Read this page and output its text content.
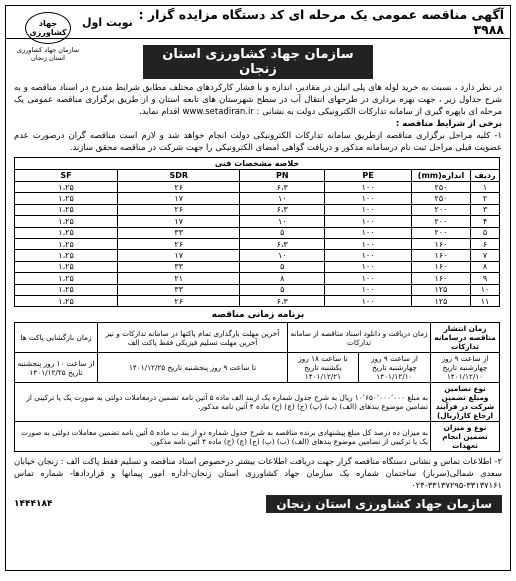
آگهی مناقصه عمومی یک مرحله ای کد دستگاه مزایده گزار : ۳۹۸۸
نوبت اول
جهاد کشاورزی
سازمان جهاد کشاورزی استان زنجان	سازمان جهاد کشاورزی استان زنجان

در نظر دارد ، نسبت به خرید لوله های پلی اتیلن در مقادیر، اندازه و با فشار کارکردهای مختلف مطابق شرایط مندرج در اسناد مناقصه و به شرح جداول زیر ، جهت بهره برداری در طرحهای انتقال آب در سطح شهرستان های تابعه استان و از طریق برگزاری مناقصه عمومی یک مرحله ای باپهره گیری از سامانه تدارکات الکترونیکی دولت به نشانی : www.setadiran.ir اقدام نماید.

برخی از شرایط مناقصه :

۱- کلیه مراحل برگزاری مناقصه ازطریق سامانه تدارکات الکترونیکی دولت انجام خواهد شد و لازم است مناقصه گران درصورت عدم عضویت قبلی مراحل ثبت نام درسامانه مذکور و دریافت گواهی امضای الکترونیکی را جهت شرکت در مناقصه محقق سازند.

خلاصه مشخصات فنی					
ردیف	اندازه(mm)	PE	PN	SDR	SF
۱	۲۵۰	۱۰۰	۶،۳	۲۶	۱،۲۵
۲	۲۵۰	۱۰۰	۱۰	۱۷	۱،۲۵
۳	۲۰۰	۱۰۰	۶،۳	۲۶	۱،۲۵
۴	۲۰۰	۱۰۰	۱۰	۱۷	۱،۲۵
۵	۲۰۰	۱۰۰	۵	۳۳	۱،۲۵
۶	۱۶۰	۱۰۰	۶،۳	۲۶	۱،۲۵
۷	۱۶۰	۱۰۰	۱۰	۱۷	۱،۲۵
۸	۱۶۰	۱۰۰	۵	۳۳	۱،۲۵
۹	۱۶۰	۱۰۰	۸	۲۱	۱،۲۵
۱۰	۱۲۵	۱۰۰	۵	۳۳	۱،۲۵
۱۱	۱۲۵	۱۰۰	۶،۳	۲۶	۱،۲۵
برنامه زمانی مناقصه
زمان انتشار مناقصه درسامانه تدارکات	زمان دریافت و دانلود اسناد مناقصه از سامانه تدارکات		آخرین مهلت بارگذاری تمام پاکتها در سامانه تدارکات و نیز آخرین مهلت تسلیم فیزیکی فقط پاکت الف	زمان بازگشایی پاکت ها
از ساعت ۹ روز چهارشنبه تاریخ ۱۴۰۱/۱۲/۱۰	از ساعت ۹ روز چهارشنبه تاریخ ۱۴۰۱/۱۲/۱۰	تا ساعت ۱۸ روز یکشنبه تاریخ ۱۴۰۱/۱۲/۲۱	تا ساعت ۹ روز پنجشنبه تاریخ ۱۴۰۱/۱۲/۲۵	از ساعت ۱۰ روز پنجشنبه تاریخ ۱۴۰۱/۱۲/۲۵
نوع تضامین ومبلغ تضمین شرکت در فرآیند ارجاع کار(ریال)	به مبلغ ۱۰٬۶۵۰٬۰۰۰٬۰۰۰ ریال به شرح جدول شماره یک ازبند الف ماده ۵ آئین نامه تضمین درمعاملات دولتی به صورت یک یا ترکیبی از تضامین موضوع بندهای (الف) (ب) (پ) (ج) (چ) (ح) ماده ۴ آئین نامه مذکور.			
نوع و میزان تضمین انجام تعهدات	به میزان ده درصد کل مبلغ پیشنهادی برنده مناقصه به شرح جدول شماره دو از بند ب ماده ۵ آئین نامه تضمین معاملات دولتی به صورت یک یا ترکیبی از تضامین موضوع بندهای (الف) (ب) (پ) (ج) (چ) (ح) ماده ۴ آئین نامه مذکور.			

۲- اطلاعات تماس و نشانی دستگاه مناقصه گزار جهت دریافت اطلاعات بیشتر درخصوص اسناد مناقصه و تسلیم فقط پاکت الف : زنجان خیابان سعدی شمالی(سرباز) ساختمان شماره یک سازمان جهاد کشاورزی استان زنجان-اداره امور پیمانها و قراردادها- شماره تماس ۳۳۱۳۷۱۶۱-۳۳۱۳۷۲۹۵-۰۲۴

سازمان جهاد کشاورزی استان زنجان
۱۴۴۴۱۸۴
